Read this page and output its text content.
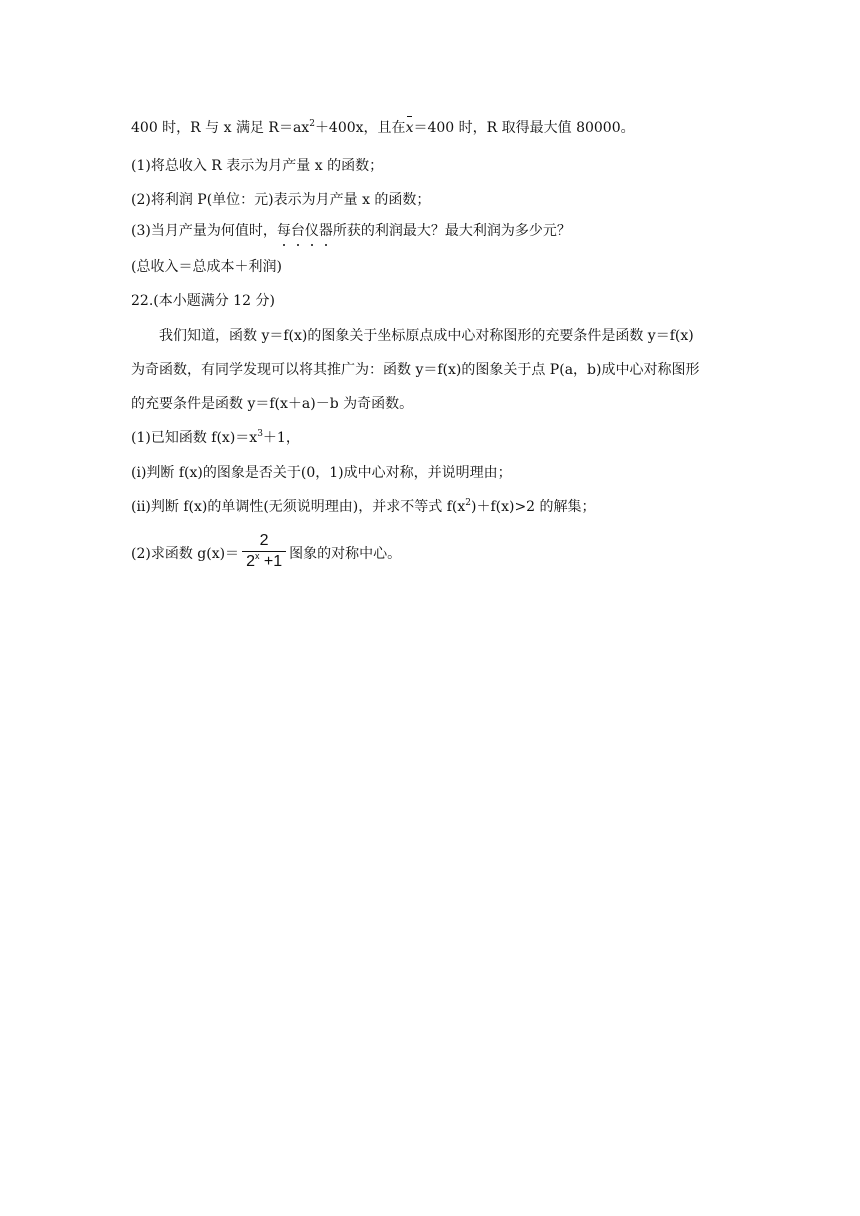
400 时，R 与 x 满足 $R=ax^2+400x$，且在x＝400 时，R 取得最大值 80000。
(1)将总收入 R 表示为月产量 x 的函数；
(2)将利润 P(单位：元)表示为月产量 x 的函数；
(3)当月产量为何值时，每台仪器所获的利润最大？最大利润为多少元？
(总收入＝总成本＋利润)
22.(本小题满分 12 分)
我们知道，函数 y＝f(x)的图象关于坐标原点成中心对称图形的充要条件是函数 y＝f(x)
为奇函数，有同学发现可以将其推广为：函数 y＝f(x)的图象关于点 P(a，b)成中心对称图形
的充要条件是函数 y＝f(x＋a)－b 为奇函数。
(1)已知函数 $f(x)=x^3+1$，
(i)判断 f(x)的图象是否关于(0，1)成中心对称，并说明理由；
(ii)判断 f(x)的单调性(无须说明理由)，并求不等式 $f(x^2)+f(x)>2$ 的解集；
(2)求函数 $g(x)= \frac{2}{2^x +1}$ 图象的对称中心。
